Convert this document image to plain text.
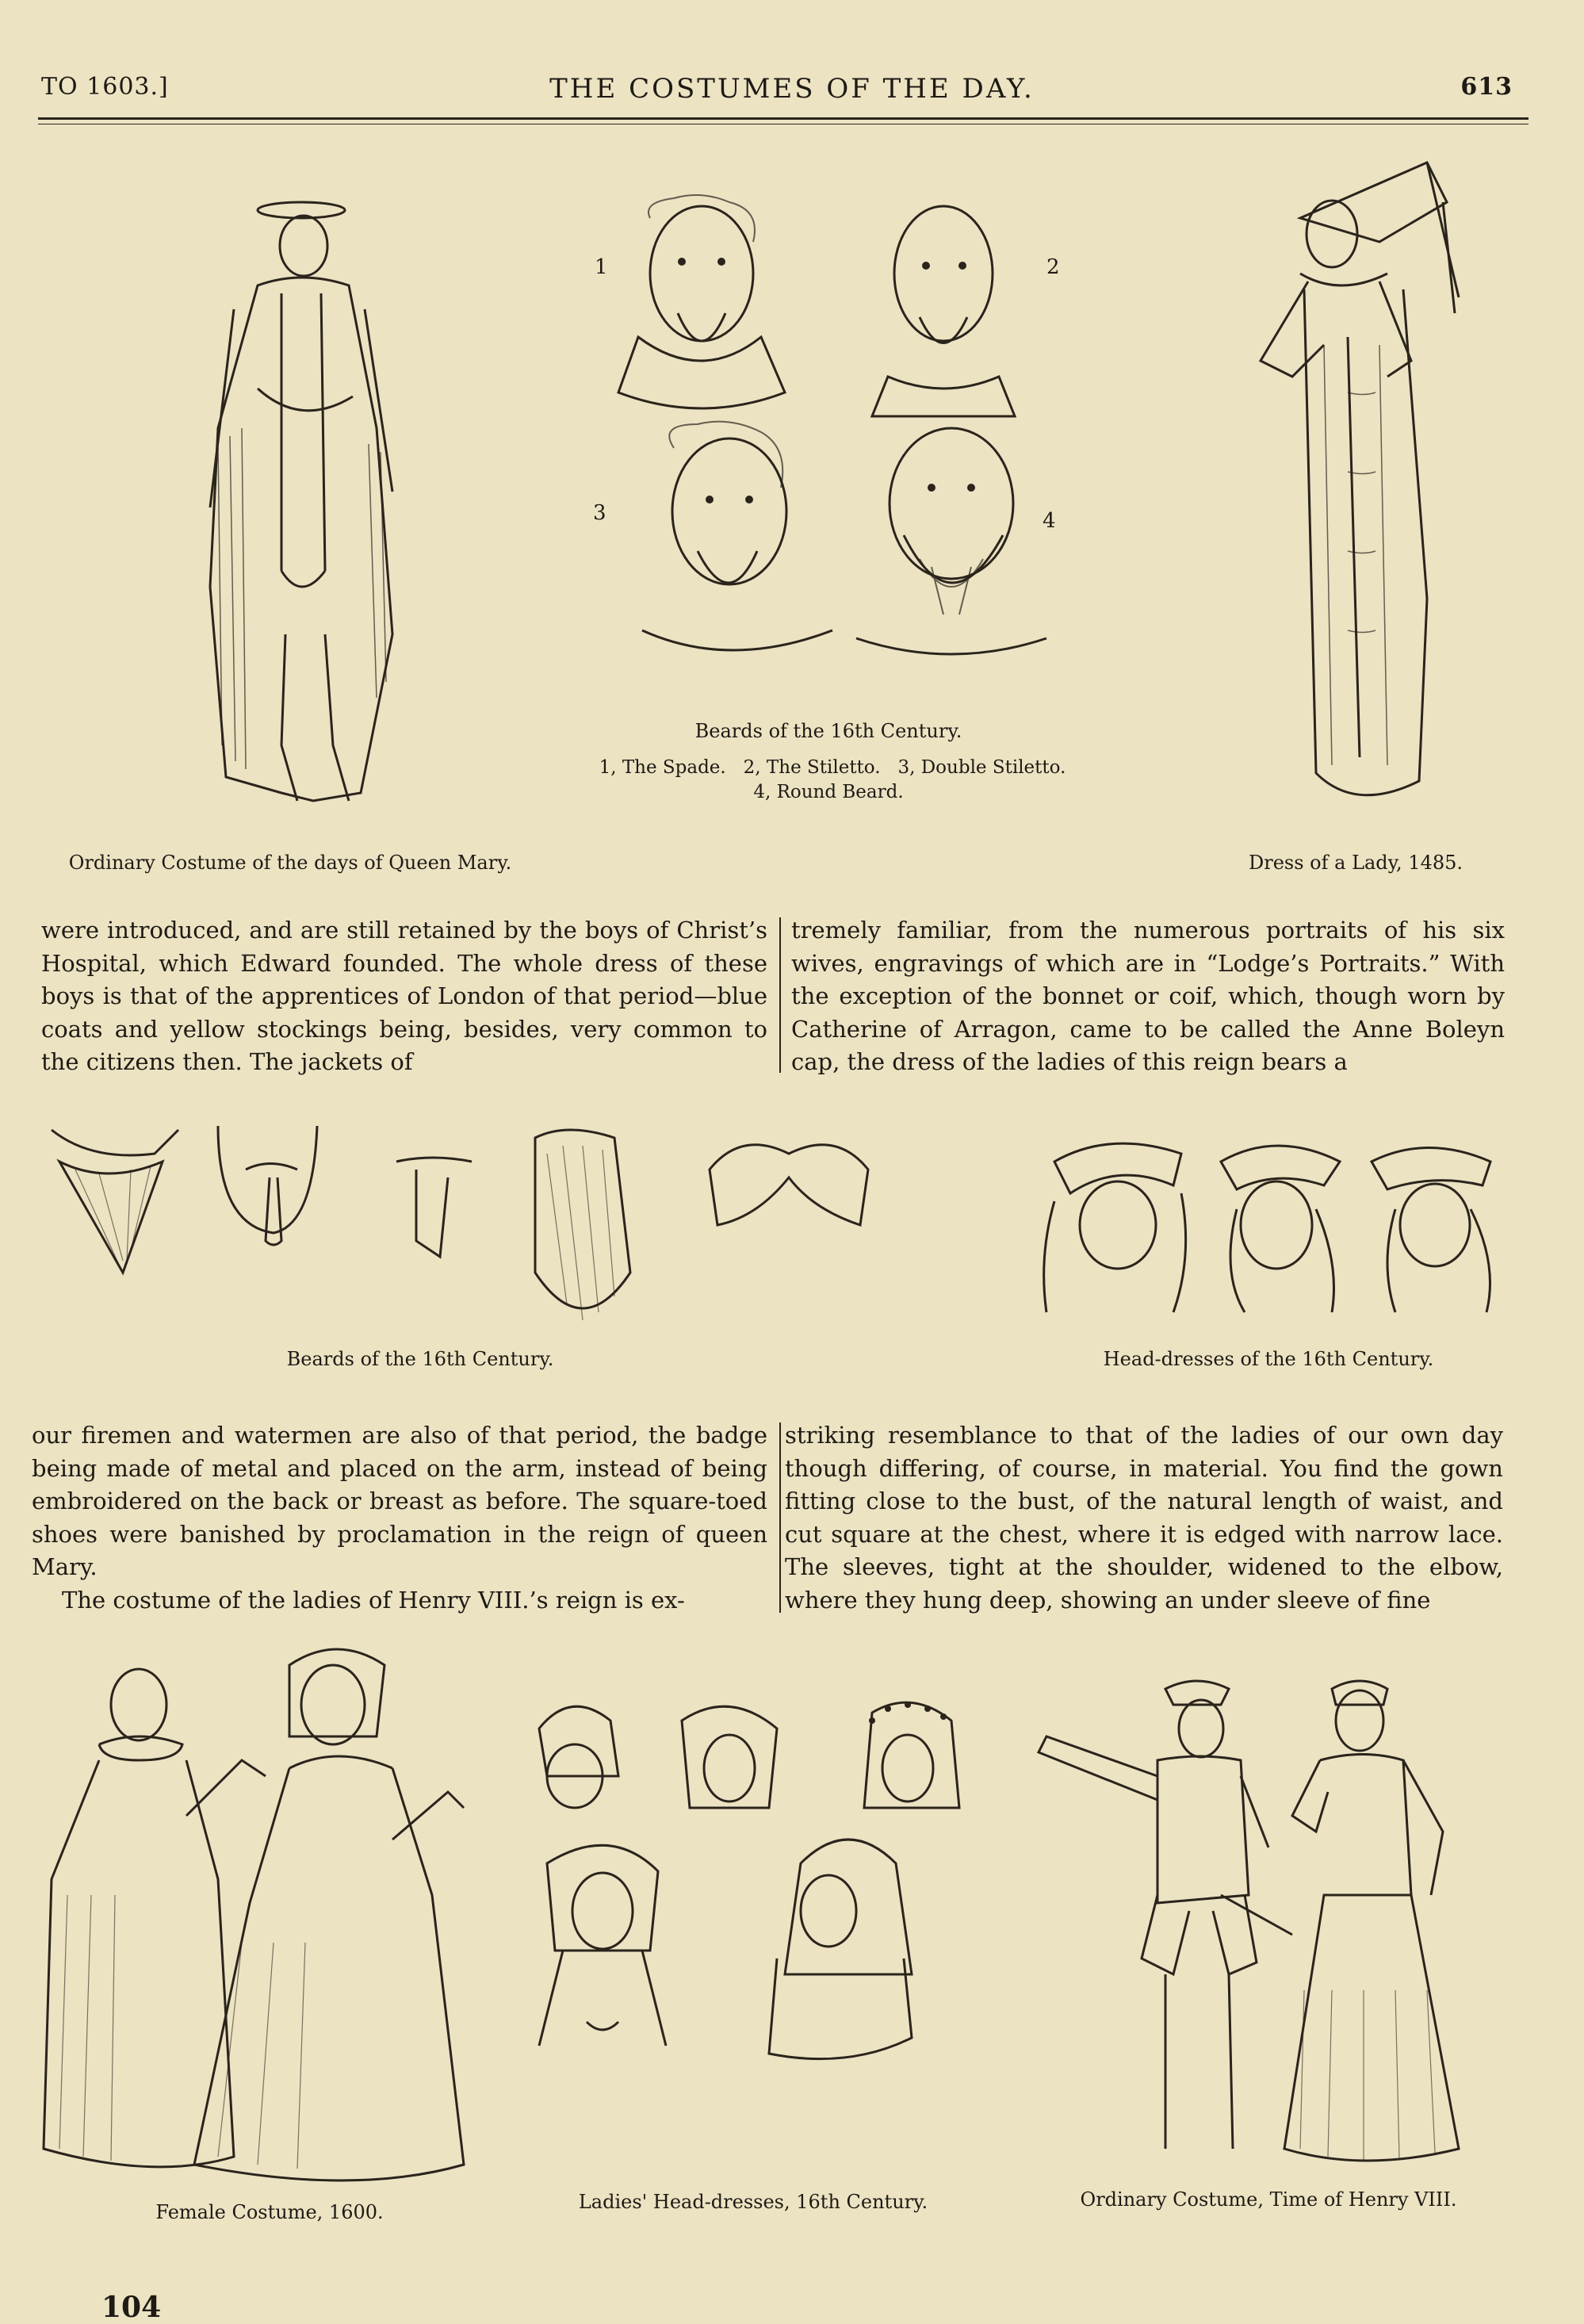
TO 1603.]	THE COSTUMES OF THE DAY.	613
Ordinary Costume of the days of Queen Mary.
1	2
3	4
Beards of the 16th Century.
1, The Spade.   2, The Stiletto.   3, Double Stiletto.
4, Round Beard.
Dress of a Lady, 1485.

were introduced, and are still retained by the boys of Christ’s Hospital, which Edward founded. The whole dress of these boys is that of the apprentices of London of that period—blue coats and yellow stockings being, besides, very common to the citizens then. The jackets of

tremely familiar, from the numerous portraits of his six wives, engravings of which are in “Lodge’s Portraits.” With the exception of the bonnet or coif, which, though worn by Catherine of Arragon, came to be called the Anne Boleyn cap, the dress of the ladies of this reign bears a

Beards of the 16th Century.	Head-dresses of the 16th Century.

our firemen and watermen are also of that period, the badge being made of metal and placed on the arm, instead of being embroidered on the back or breast as before. The square-toed shoes were banished by proclamation in the reign of queen Mary.

The costume of the ladies of Henry VIII.’s reign is ex-

striking resemblance to that of the ladies of our own day though differing, of course, in material. You find the gown fitting close to the bust, of the natural length of waist, and cut square at the chest, where it is edged with narrow lace. The sleeves, tight at the shoulder, widened to the elbow, where they hung deep, showing an under sleeve of fine

Female Costume, 1600.	Ladies' Head-dresses, 16th Century.	Ordinary Costume, Time of Henry VIII.
104
